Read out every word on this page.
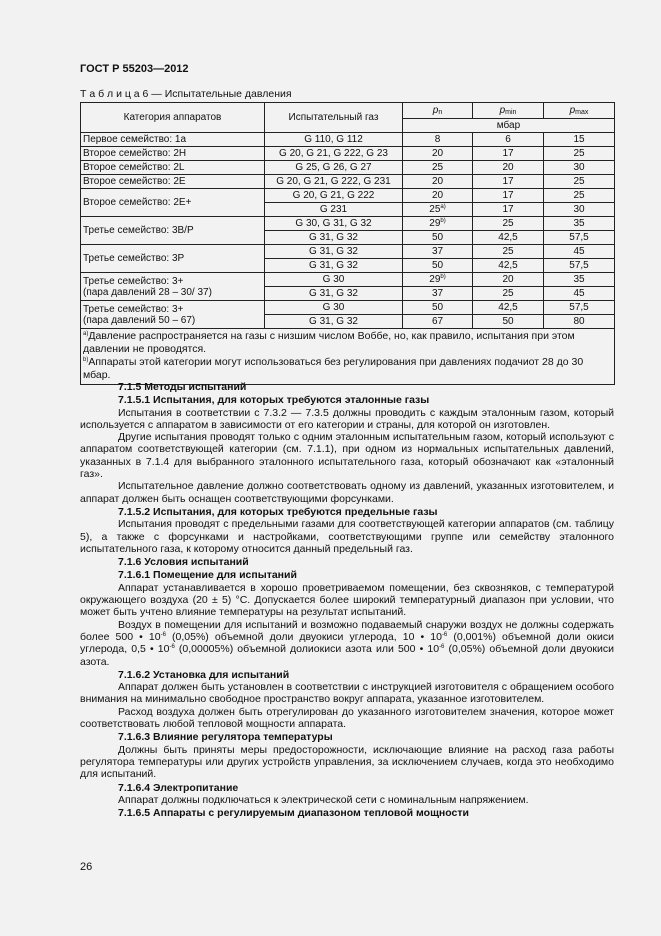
ГОСТ Р 55203—2012
Т а б л и ц а 6 — Испытательные давления
Категория аппаратов	Испытательный газ	$p_n$	$p_{min}$	$p_{max}$
		мбар		
Первое семейство: 1a	G 110, G 112	8	6	15
Второе семейство: 2H	G 20, G 21, G 222, G 23	20	17	25
Второе семейство: 2L	G 25, G 26, G 27	25	20	30
Второе семейство: 2E	G 20, G 21, G 222, G 231	20	17	25
Второе семейство: 2E+	G 20, G 21, G 222	20	17	25
	G 231	25$^{a)}$	17	30
Третье семейство: 3B/P	G 30, G 31, G 32	29$^{b)}$	25	35
	G 31, G 32	50	42,5	57,5
Третье семейство: 3P	G 31, G 32	37	25	45
	G 31, G 32	50	42,5	57,5
Третье семейство: 3+
(пара давлений 28 – 30/ 37)	G 30	29$^{b)}$	20	35
	G 31, G 32	37	25	45
Третье семейство: 3+
(пара давлений 50 – 67)	G 30	50	42,5	57,5
	G 31, G 32	67	50	80

$^{a)}$Давление распространяется на газы с низшим числом Воббе, но, как правило, испытания при этом давлении не проводятся.
$^{b)}$Аппараты этой категории могут использоваться без регулирования при давлениях подачиот 28 до 30 мбар.				

7.1.5 Методы испытаний

7.1.5.1 Испытания, для которых требуются эталонные газы

Испытания в соответствии с 7.3.2 — 7.3.5 должны проводить с каждым эталонным газом, который используется с аппаратом в зависимости от его категории и страны, для которой он изготовлен.

Другие испытания проводят только с одним эталонным испытательным газом, который используют с аппаратом соответствующей категории (см. 7.1.1), при одном из нормальных испытательных давлений, указанных в 7.1.4 для выбранного эталонного испытательного газа, который обозначают как «эталонный газ».

Испытательное давление должно соответствовать одному из давлений, указанных изготовителем, и аппарат должен быть оснащен соответствующими форсунками.

7.1.5.2 Испытания, для которых требуются предельные газы

Испытания проводят с предельными газами для соответствующей категории аппаратов (см. таблицу 5), а также с форсунками и настройками, соответствующими группе или семейству эталонного испытательного газа, к которому относится данный предельный газ.

7.1.6 Условия испытаний

7.1.6.1 Помещение для испытаний

Аппарат устанавливается в хорошо проветриваемом помещении, без сквозняков, с температурой окружающего воздуха (20 ± 5) °С. Допускается более широкий температурный диапазон при условии, что может быть учтено влияние температуры на результат испытаний.

Воздух в помещении для испытаний и возможно подаваемый снаружи воздух не должны содержать более 500 • $10^{-6}$ (0,05%) объемной доли двуокиси углерода, 10 • $10^{-6}$ (0,001%) объемной доли окиси углерода, 0,5 • $10^{-6}$ (0,00005%) объемной долиокиси азота или 500 • $10^{-6}$ (0,05%) объемной доли двуокиси азота.

7.1.6.2 Установка для испытаний

Аппарат должен быть установлен в соответствии с инструкцией изготовителя с обращением особого внимания на минимально свободное пространство вокруг аппарата, указанное изготовителем.

Расход воздуха должен быть отрегулирован до указанного изготовителем значения, которое может соответствовать любой тепловой мощности аппарата.

7.1.6.3 Влияние регулятора температуры

Должны быть приняты меры предосторожности, исключающие влияние на расход газа работы регулятора температуры или других устройств управления, за исключением случаев, когда это необходимо для испытаний.

7.1.6.4 Электропитание

Аппарат должны подключаться к электрической сети с номинальным напряжением.

7.1.6.5 Аппараты с регулируемым диапазоном тепловой мощности

26
